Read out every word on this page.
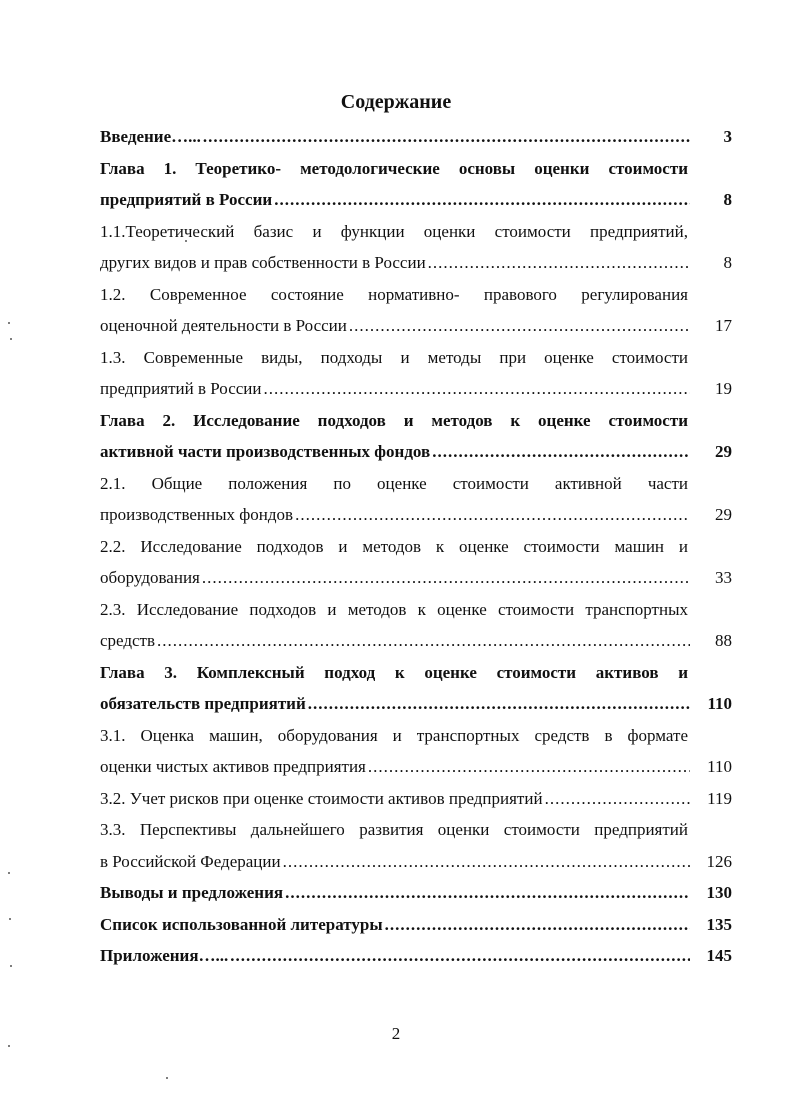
Содержание
Введение…... .....	3
Глава 1. Теоретико- методологические основы оценки стоимости
предприятий в России .....	8
1.1.Теоретический базис и функции оценки стоимости предприятий,
других видов и прав собственности в России .....	8
1.2. Современное состояние нормативно- правового регулирования
оценочной деятельности в России .....	17
1.3. Современные виды, подходы и методы при оценке стоимости
предприятий в России .....	19
Глава 2. Исследование подходов и методов к оценке стоимости
активной части производственных фондов .....	29
2.1. Общие положения по оценке стоимости активной части
производственных фондов .....	29
2.2. Исследование подходов и методов к оценке стоимости машин и
оборудования .....	33
2.3. Исследование подходов и методов к оценке стоимости транспортных
средств .....	88
Глава 3. Комплексный подход к оценке стоимости активов и
обязательств предприятий .....	110
3.1. Оценка машин, оборудования и транспортных средств в формате
оценки чистых активов предприятия .....	110
3.2. Учет рисков при оценке стоимости активов предприятий .....	119
3.3. Перспективы дальнейшего развития оценки стоимости предприятий
в Российской Федерации .....	126
Выводы и предложения .....	130
Список использованной литературы .....	135
Приложения…... .....	145
2
